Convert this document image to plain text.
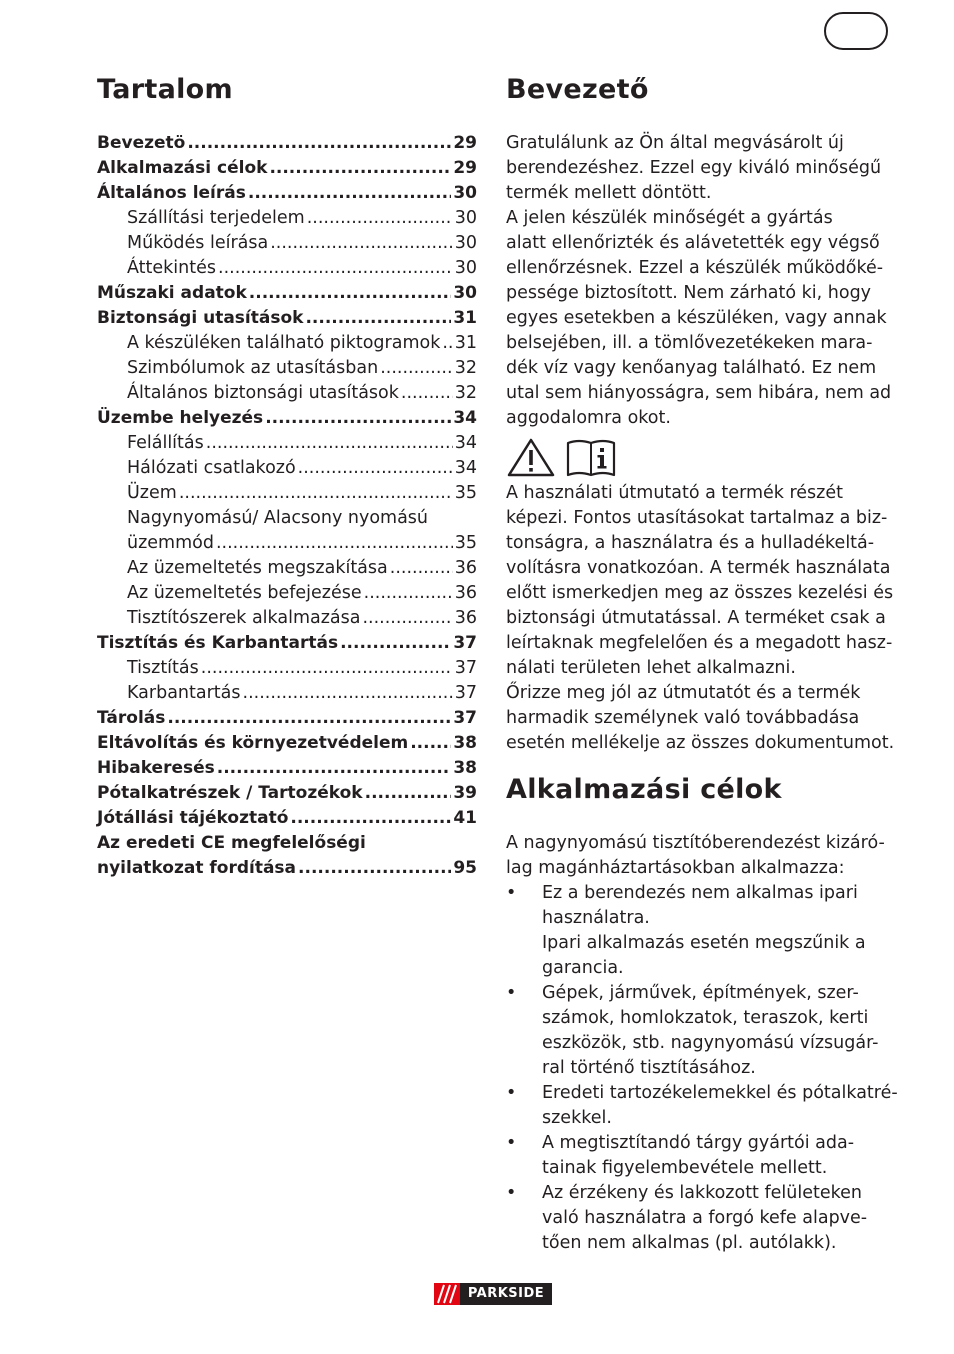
Tartalom
Bevezetö .....	29
Alkalmazási célok .....	29
Általános leírás .....	30
Szállítási terjedelem .....	30
Működés leírása .....	30
Áttekintés .....	30
Műszaki adatok .....	30
Biztonsági utasítások .....	31
A készüléken található piktogramok ..... 31
Szimbólumok az utasításban .....	32
Általános biztonsági utasítások .....	32
Üzembe helyezés .....	34
Felállítás .....	34
Hálózati csatlakozó .....	34
Üzem .....	35
Nagynyomású/ Alacsony nyomású
üzemmód .....	35
Az üzemeltetés megszakítása .....	36
Az üzemeltetés befejezése .....	36
Tisztítószerek alkalmazása .....	36
Tisztítás és Karbantartás .....	37
Tisztítás .....	37
Karbantartás .....	37
Tárolás .....	37
Eltávolítás és környezetvédelem .....	38
Hibakeresés .....	38
Pótalkatrészek / Tartozékok .....	39
Jótállási tájékoztató .....	41
Az eredeti CE megfelelőségi
nyilatkozat fordítása .....	95
Bevezető

Gratulálunk az Ön által megvásárolt új

berendezéshez. Ezzel egy kiváló minőségű

termék mellett döntött.

A jelen készülék minőségét a gyártás

alatt ellenőrizték és alávetették egy végső

ellenőrzésnek. Ezzel a készülék működőké-

pessége biztosított. Nem zárható ki, hogy

egyes esetekben a készüléken, vagy annak

belsejében, ill. a tömlővezetékeken mara-

dék víz vagy kenőanyag található. Ez nem

utal sem hiányosságra, sem hibára, nem ad

aggodalomra okot.

A használati útmutató a termék részét

képezi. Fontos utasításokat tartalmaz a biz-

tonságra, a használatra és a hulladékeltá-

volításra vonatkozóan. A termék használata

előtt ismerkedjen meg az összes kezelési és

biztonsági útmutatással. A terméket csak a

leírtaknak megfelelően és a megadott hasz-

nálati területen lehet alkalmazni.

Őrizze meg jól az útmutatót és a termék

harmadik személynek való továbbadása

esetén mellékelje az összes dokumentumot.

Alkalmazási célok

A nagynyomású tisztítóberendezést kizáró-

lag magánháztartásokban alkalmazza:

• Ez a berendezés nem alkalmas ipari
használatra.
Ipari alkalmazás esetén megszűnik a
garancia.
• Gépek, járművek, építmények, szer-
számok, homlokzatok, teraszok, kerti
eszközök, stb. nagynyomású vízsugár-
ral történő tisztításához.
• Eredeti tartozékelemekkel és pótalkatré-
szekkel.
• A megtisztítandó tárgy gyártói ada-
tainak figyelembevétele mellett.
• Az érzékeny és lakkozott felületeken
való használatra a forgó kefe alapve-
tően nem alkalmas (pl. autólakk).
PARKSIDE
